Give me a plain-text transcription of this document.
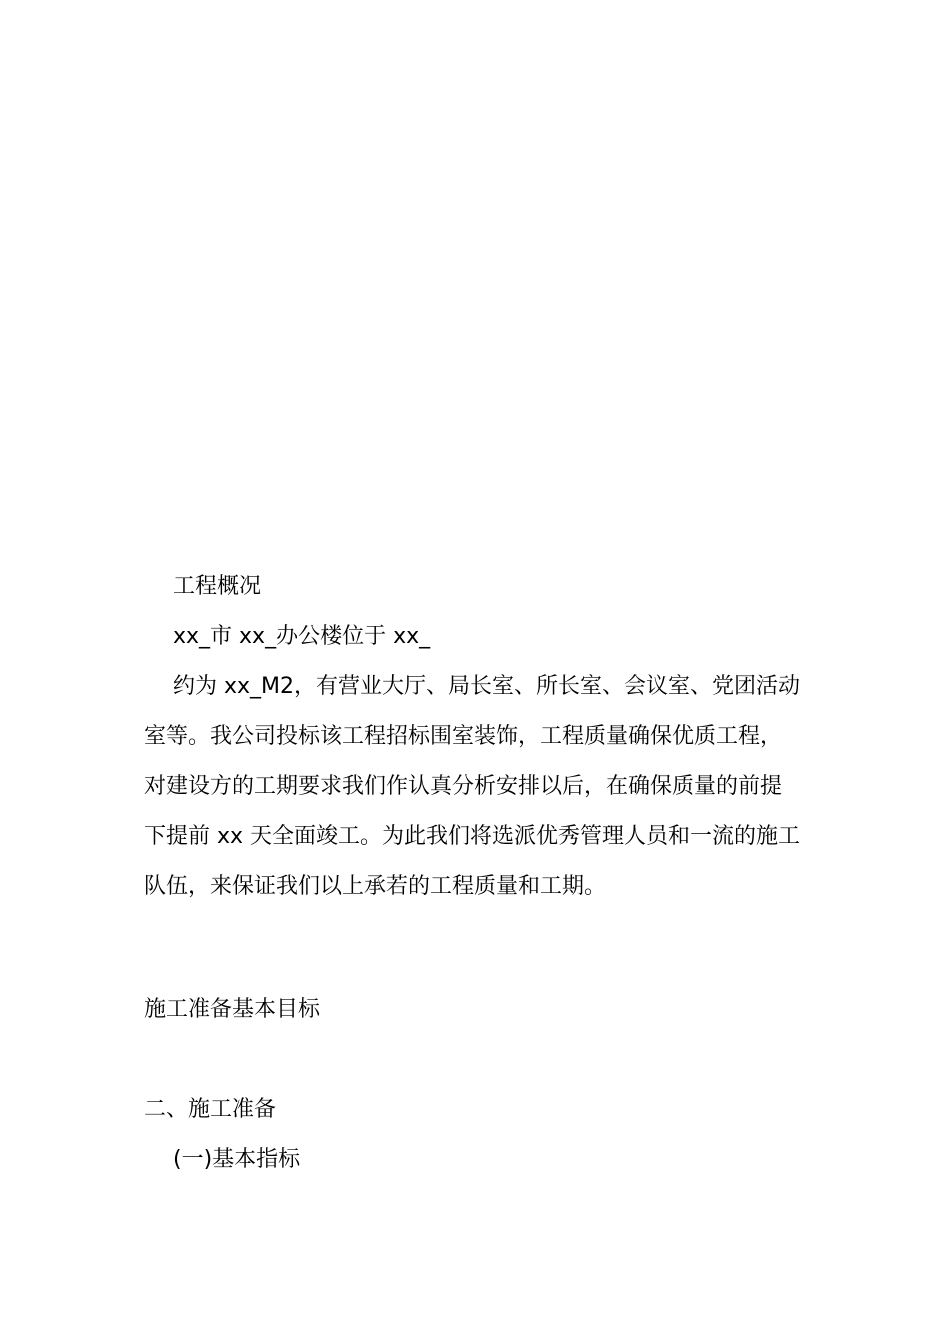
工程概况
xx_市 xx_办公楼位于 xx_
约为 xx_M2，有营业大厅、局长室、所长室、会议室、党团活动
室等。我公司投标该工程招标围室装饰，工程质量确保优质工程，
对建设方的工期要求我们作认真分析安排以后，在确保质量的前提
下提前 xx 天全面竣工。为此我们将选派优秀管理人员和一流的施工
队伍，来保证我们以上承若的工程质量和工期。
施工准备基本目标
二、施工准备
(一)基本指标
